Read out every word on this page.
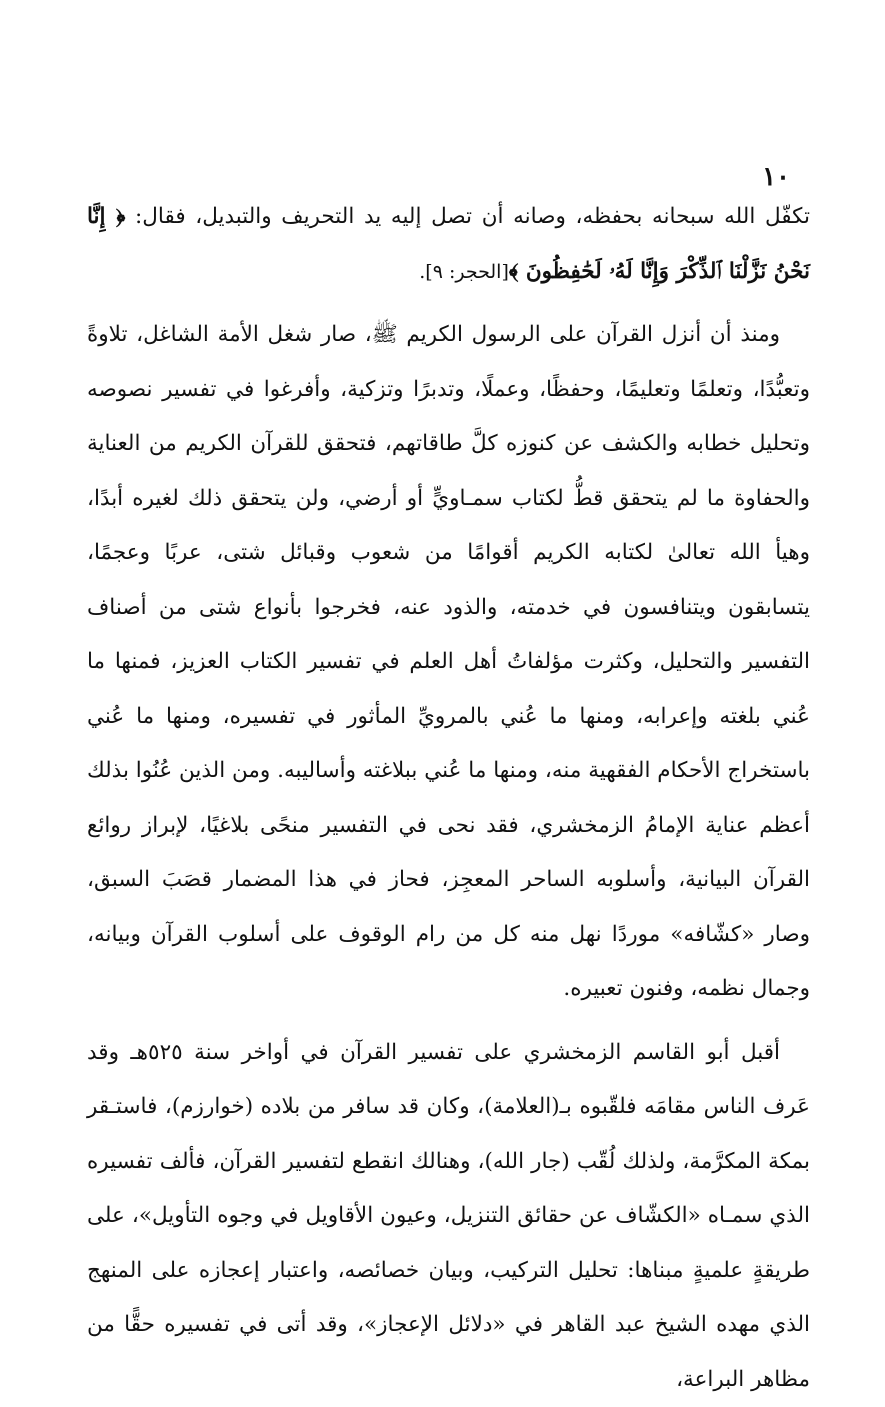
١٠

تكفّل الله سبحانه بحفظه، وصانه أن تصل إليه يد التحريف والتبديل، فقال: ﴿ إِنَّا نَحْنُ نَزَّلْنَا ٱلذِّكْرَ وَإِنَّا لَهُۥ لَحَٰفِظُونَ ﴾[الحجر: ٩].

ومنذ أن أنزل القرآن على الرسول الكريم ﷺ، صار شغل الأمة الشاغل، تلاوةً وتعبُّدًا، وتعلمًا وتعليمًا، وحفظًا، وعملًا، وتدبرًا وتزكية، وأفرغوا في تفسير نصوصه وتحليل خطابه والكشف عن كنوزه كلَّ طاقاتهم، فتحقق للقرآن الكريم من العناية والحفاوة ما لم يتحقق قطُّ لكتاب سمـاويٍّ أو أرضي، ولن يتحقق ذلك لغيره أبدًا، وهيأ الله تعالىٰ لكتابه الكريم أقوامًا من شعوب وقبائل شتى، عربًا وعجمًا، يتسابقون ويتنافسون في خدمته، والذود عنه، فخرجوا بأنواع شتى من أصناف التفسير والتحليل، وكثرت مؤلفاتُ أهل العلم في تفسير الكتاب العزيز، فمنها ما عُني بلغته وإعرابه، ومنها ما عُني بالمرويِّ المأثور في تفسيره، ومنها ما عُني باستخراج الأحكام الفقهية منه، ومنها ما عُني ببلاغته وأساليبه. ومن الذين عُنُوا بذلك أعظم عناية الإمامُ الزمخشري، فقد نحى في التفسير منحًى بلاغيًا، لإبراز روائع القرآن البيانية، وأسلوبه الساحر المعجِز، فحاز في هذا المضمار قصَبَ السبق، وصار «كشّافه» موردًا نهل منه كل من رام الوقوف على أسلوب القرآن وبيانه، وجمال نظمه، وفنون تعبيره.

أقبل أبو القاسم الزمخشري على تفسير القرآن في أواخر سنة ٥٢٥هـ وقد عَرف الناس مقامَه فلقّبوه بـ(العلامة)، وكان قد سافر من بلاده (خوارزم)، فاستـقر بمكة المكرَّمة، ولذلك لُقّب (جار الله)، وهنالك انقطع لتفسير القرآن، فألف تفسيره الذي سمـاه «الكشّاف عن حقائق التنزيل، وعيون الأقاويل في وجوه التأويل»، على طريقةٍ علميةٍ مبناها: تحليل التركيب، وبيان خصائصه، واعتبار إعجازه على المنهج الذي مهده الشيخ عبد القاهر في «دلائل الإعجاز»، وقد أتى في تفسيره حقًّا من مظاهر البراعة،
